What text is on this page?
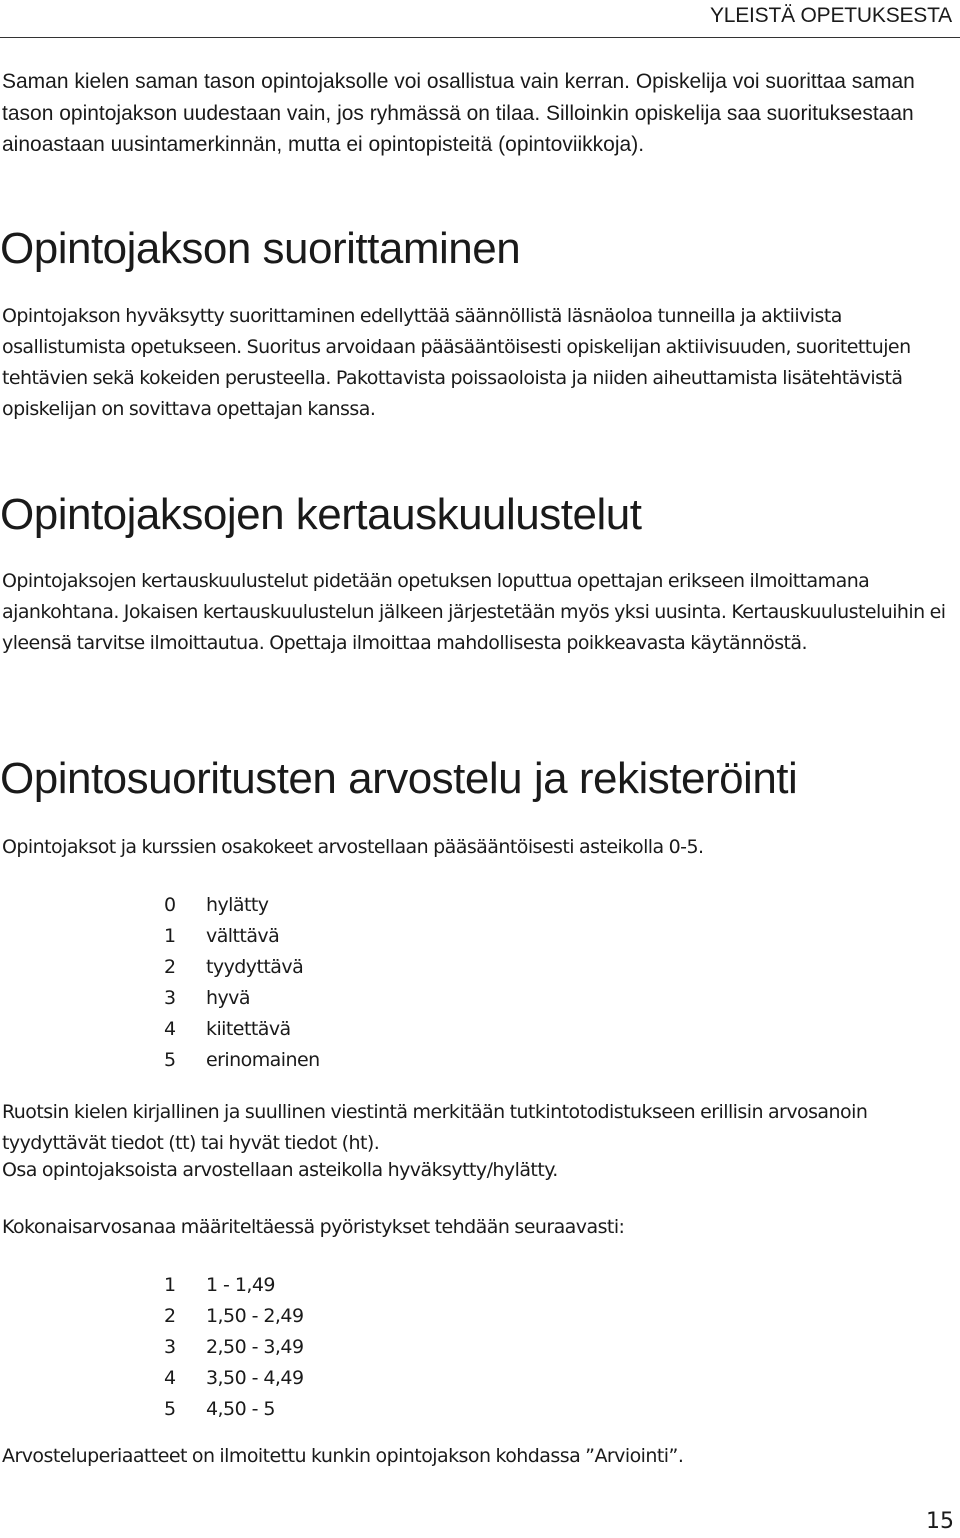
YLEISTÄ OPETUKSESTA

Saman kielen saman tason opintojaksolle voi osallistua vain kerran. Opiskelija voi suorittaa saman tason opintojakson uudestaan vain, jos ryhmässä on tilaa. Silloinkin opiskelija saa suorituksestaan ainoastaan uusintamerkinnän, mutta ei opintopisteitä (opintoviikkoja).

Opintojakson suorittaminen

Opintojakson hyväksytty suorittaminen edellyttää säännöllistä läsnäoloa tunneilla ja aktiivista osallistumista opetukseen. Suoritus arvoidaan pääsääntöisesti opiskelijan aktiivisuuden, suoritettujen tehtävien sekä kokeiden perusteella. Pakottavista poissaoloista ja niiden aiheuttamista lisätehtävistä opiskelijan on sovittava opettajan kanssa.

Opintojaksojen kertauskuulustelut

Opintojaksojen kertauskuulustelut pidetään opetuksen loputtua opettajan erikseen ilmoittamana ajankohtana. Jokaisen kertauskuulustelun jälkeen järjestetään myös yksi uusinta. Kertauskuulusteluihin ei yleensä tarvitse ilmoittautua. Opettaja ilmoittaa mahdollisesta poikkeavasta käytännöstä.

Opintosuoritusten arvostelu ja rekisteröinti

Opintojaksot ja kurssien osakokeet arvostellaan pääsääntöisesti asteikolla 0-5.

0 hylätty
1 välttävä
2 tyydyttävä
3 hyvä
4 kiitettävä
5 erinomainen

Ruotsin kielen kirjallinen ja suullinen viestintä merkitään tutkintotodistukseen erillisin arvosanoin tyydyttävät tiedot (tt) tai hyvät tiedot (ht).

Osa opintojaksoista arvostellaan asteikolla hyväksytty/hylätty.

Kokonaisarvosanaa määriteltäessä pyöristykset tehdään seuraavasti:

1 1 - 1,49
2 1,50 - 2,49
3 2,50 - 3,49
4 3,50 - 4,49
5 4,50 - 5

Arvosteluperiaatteet on ilmoitettu kunkin opintojakson kohdassa ”Arviointi”.

15
